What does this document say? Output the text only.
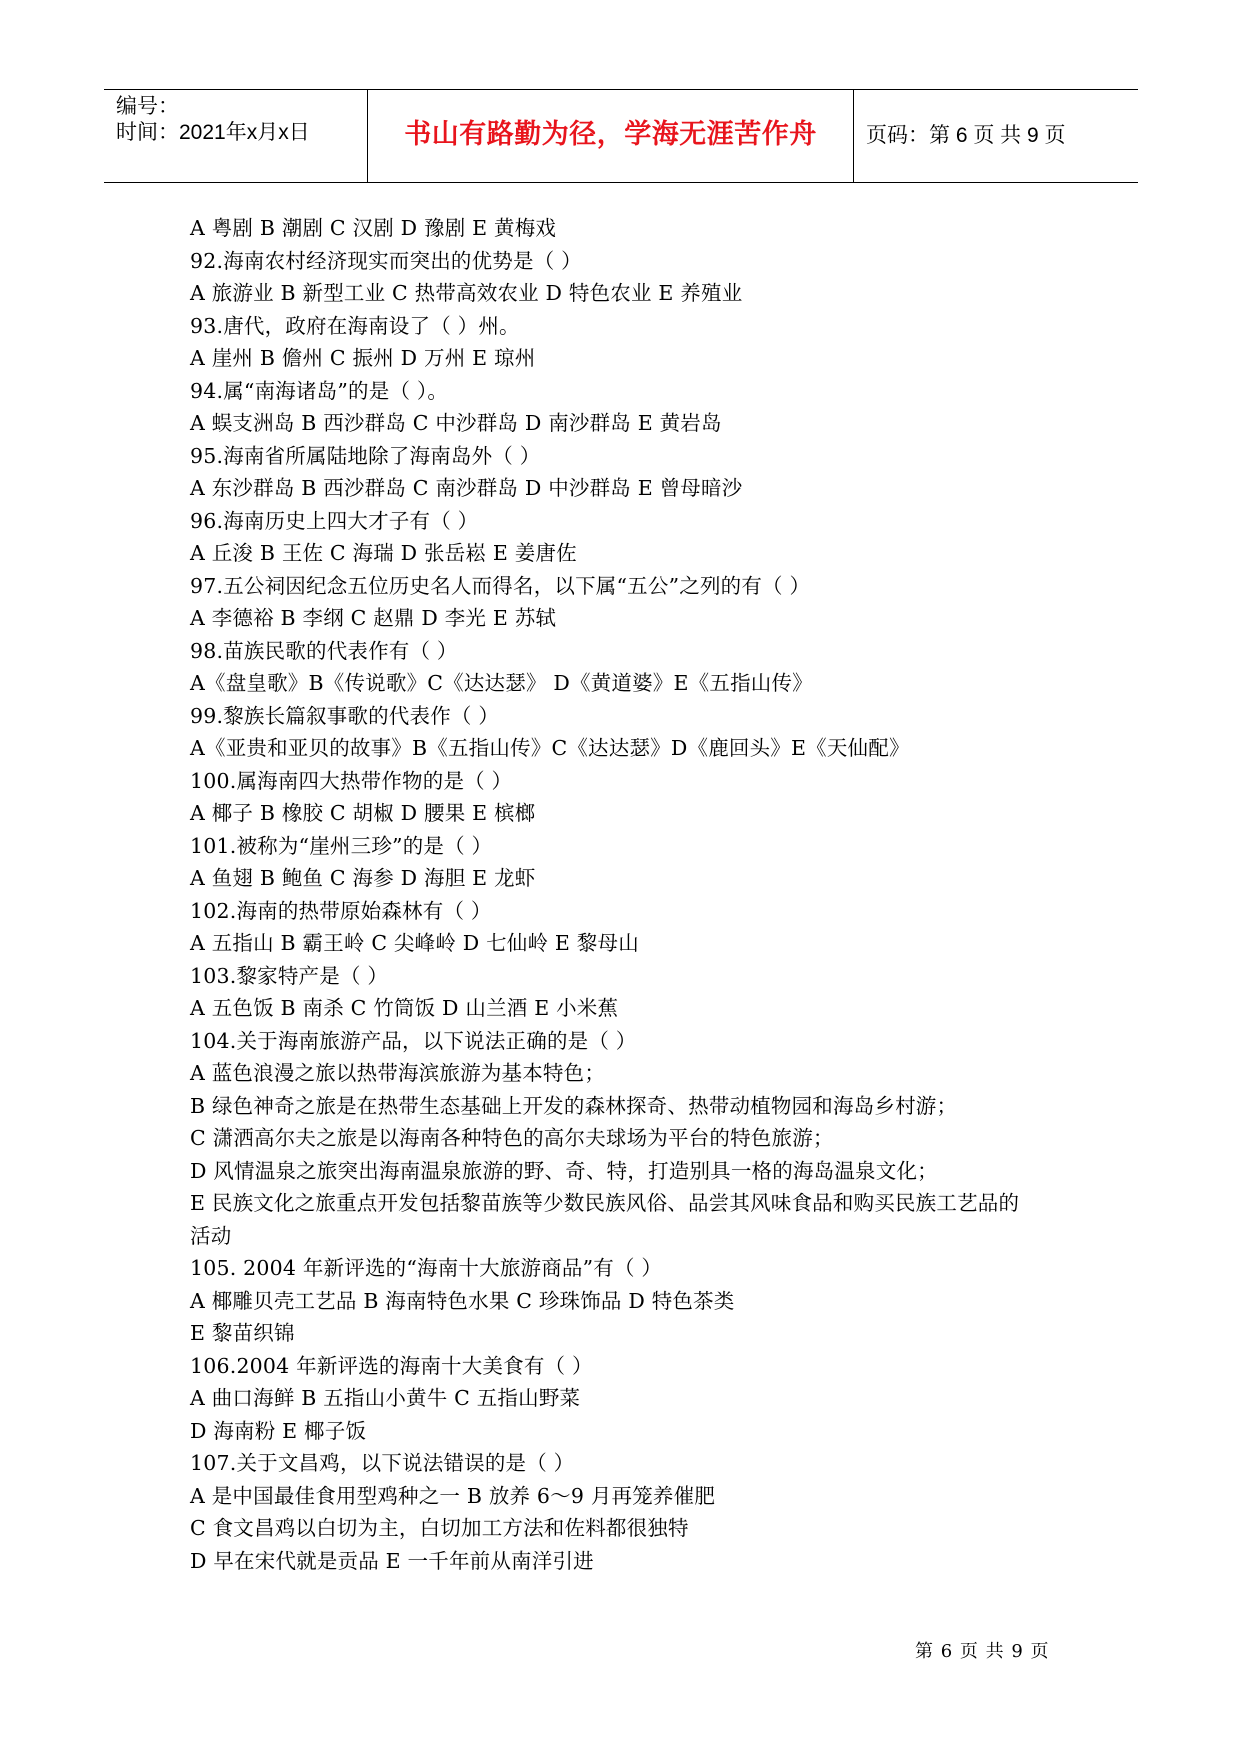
编号：
时间：2021年x月x日	书山有路勤为径，学海无涯苦作舟	页码：第 6 页 共 9 页
A 粤剧 B 潮剧 C 汉剧 D 豫剧 E 黄梅戏
92.海南农村经济现实而突出的优势是（ ）
A 旅游业 B 新型工业 C 热带高效农业 D 特色农业 E 养殖业
93.唐代，政府在海南设了（ ）州。
A 崖州 B 儋州 C 振州 D 万州 E 琼州
94.属“南海诸岛”的是（ ）。
A 蜈支洲岛 B 西沙群岛 C 中沙群岛 D 南沙群岛 E 黄岩岛
95.海南省所属陆地除了海南岛外（ ）
A 东沙群岛 B 西沙群岛 C 南沙群岛 D 中沙群岛 E 曾母暗沙
96.海南历史上四大才子有（ ）
A 丘浚 B 王佐 C 海瑞 D 张岳崧 E 姜唐佐
97.五公祠因纪念五位历史名人而得名，以下属“五公”之列的有（ ）
A 李德裕 B 李纲 C 赵鼎 D 李光 E 苏轼
98.苗族民歌的代表作有（ ）
A《盘皇歌》B《传说歌》C《达达瑟》 D《黄道婆》E《五指山传》
99.黎族长篇叙事歌的代表作（ ）
A《亚贵和亚贝的故事》B《五指山传》C《达达瑟》D《鹿回头》E《天仙配》
100.属海南四大热带作物的是（ ）
A 椰子 B 橡胶 C 胡椒 D 腰果 E 槟榔
101.被称为“崖州三珍”的是（ ）
A 鱼翅 B 鲍鱼 C 海参 D 海胆 E 龙虾
102.海南的热带原始森林有（ ）
A 五指山 B 霸王岭 C 尖峰岭 D 七仙岭 E 黎母山
103.黎家特产是（ ）
A 五色饭 B 南杀 C 竹筒饭 D 山兰酒 E 小米蕉
104.关于海南旅游产品，以下说法正确的是（ ）
A 蓝色浪漫之旅以热带海滨旅游为基本特色；
B 绿色神奇之旅是在热带生态基础上开发的森林探奇、热带动植物园和海岛乡村游；
C 潇洒高尔夫之旅是以海南各种特色的高尔夫球场为平台的特色旅游；
D 风情温泉之旅突出海南温泉旅游的野、奇、特，打造别具一格的海岛温泉文化；
E 民族文化之旅重点开发包括黎苗族等少数民族风俗、品尝其风味食品和购买民族工艺品的
活动
105. 2004 年新评选的“海南十大旅游商品”有（ ）
A 椰雕贝壳工艺品 B 海南特色水果 C 珍珠饰品 D 特色茶类
E 黎苗织锦
106.2004 年新评选的海南十大美食有（ ）
A 曲口海鲜 B 五指山小黄牛 C 五指山野菜
D 海南粉 E 椰子饭
107.关于文昌鸡，以下说法错误的是（ ）
A 是中国最佳食用型鸡种之一 B 放养 6～9 月再笼养催肥
C 食文昌鸡以白切为主，白切加工方法和佐料都很独特
D 早在宋代就是贡品 E 一千年前从南洋引进
第 6 页 共 9 页
